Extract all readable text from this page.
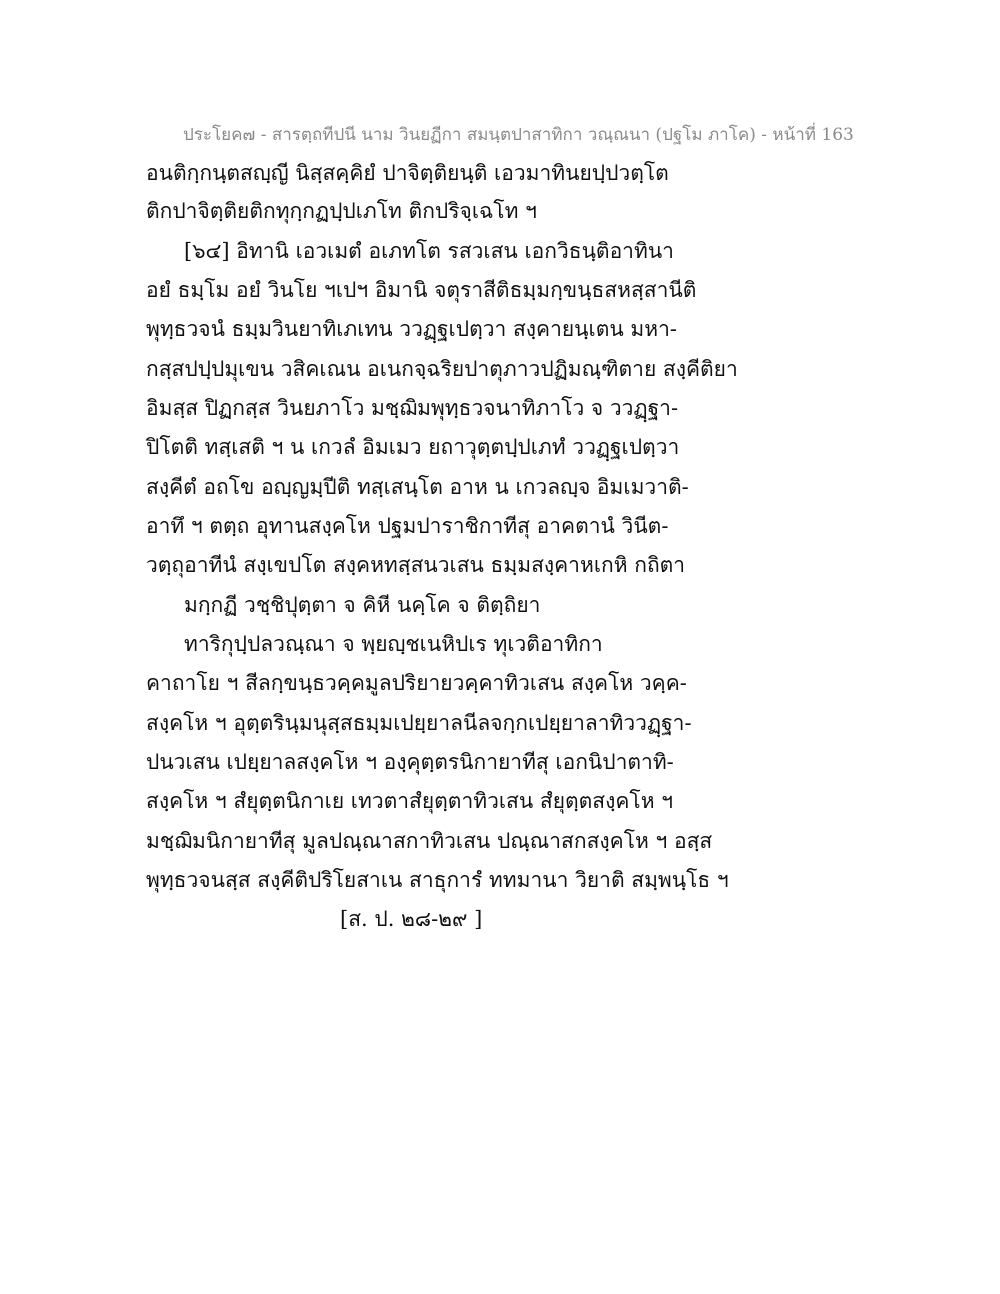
ประโยค๗ - สารตฺถทีปนี นาม วินยฏีกา สมนฺตปาสาทิกา วณฺณนา (ปฐโม ภาโค) - หน้าที่ 163
อนติกฺกนฺตสญฺญี นิสฺสคฺคิยํ ปาจิตฺติยนฺติ เอวมาทินยปฺปวตฺโต
ติกปาจิตฺติยติกทุกฺกฏปฺปเภโท ติกปริจฺเฉโท ฯ
[๖๔] อิทานิ เอวเมตํ อเภทโต รสวเสน เอกวิธนฺติอาทินา
อยํ ธมฺโม อยํ วินโย ฯเปฯ อิมานิ จตุราสีติธมฺมกฺขนฺธสหสฺสานีติ
พุทฺธวจนํ ธมฺมวินยาทิเภเทน ววฏฺฐเปตฺวา สงฺคายนฺเตน มหา-
กสฺสปปฺปมุเขน วสิคเณน อเนกจฺฉริยปาตุภาวปฏิมณฺฑิตาย สงฺคีติยา
อิมสฺส ปิฏกสฺส วินยภาโว มชฺฌิมพุทฺธวจนาทิภาโว จ ววฏฺฐา-
ปิโตติ ทสฺเสติ ฯ น เกวลํ อิมเมว ยถาวุตฺตปฺปเภทํ ววฏฺฐเปตฺวา
สงฺคีตํ อถโข อญฺญมฺปีติ ทสฺเสนฺโต อาห น เกวลญฺจ อิมเมวาติ-
อาทึ ฯ ตตฺถ อุทานสงฺคโห ปฐมปาราชิกาทีสุ อาคตานํ วินีต-
วตฺถุอาทีนํ สงฺเขปโต สงฺคหทสฺสนวเสน ธมฺมสงฺคาหเกหิ กถิตา
มกฺกฏี วชฺชิปุตฺตา จ คิหี นคฺโค จ ติตฺถิยา
ทาริกุปฺปลวณฺณา จ พฺยญฺชเนหิปเร ทุเวติอาทิกา
คาถาโย ฯ สีลกฺขนฺธวคฺคมูลปริยายวคฺคาทิวเสน สงฺคโห วคฺค-
สงฺคโห ฯ อุตฺตรินฺมนุสฺสธมฺมเปยฺยาลนีลจกฺกเปยฺยาลาทิววฏฺฐา-
ปนวเสน เปยฺยาลสงฺคโห ฯ องฺคุตฺตรนิกายาทีสุ เอกนิปาตาทิ-
สงฺคโห ฯ สํยุตฺตนิกาเย เทวตาสํยุตฺตาทิวเสน สํยุตฺตสงฺคโห ฯ
มชฺฌิมนิกายาทีสุ มูลปณฺณาสกาทิวเสน ปณฺณาสกสงฺคโห ฯ อสฺส
พุทฺธวจนสฺส สงฺคีติปริโยสาเน สาธุการํ ททมานา วิยาติ สมฺพนฺโธ ฯ
[ส. ป. ๒๘-๒๙ ]
